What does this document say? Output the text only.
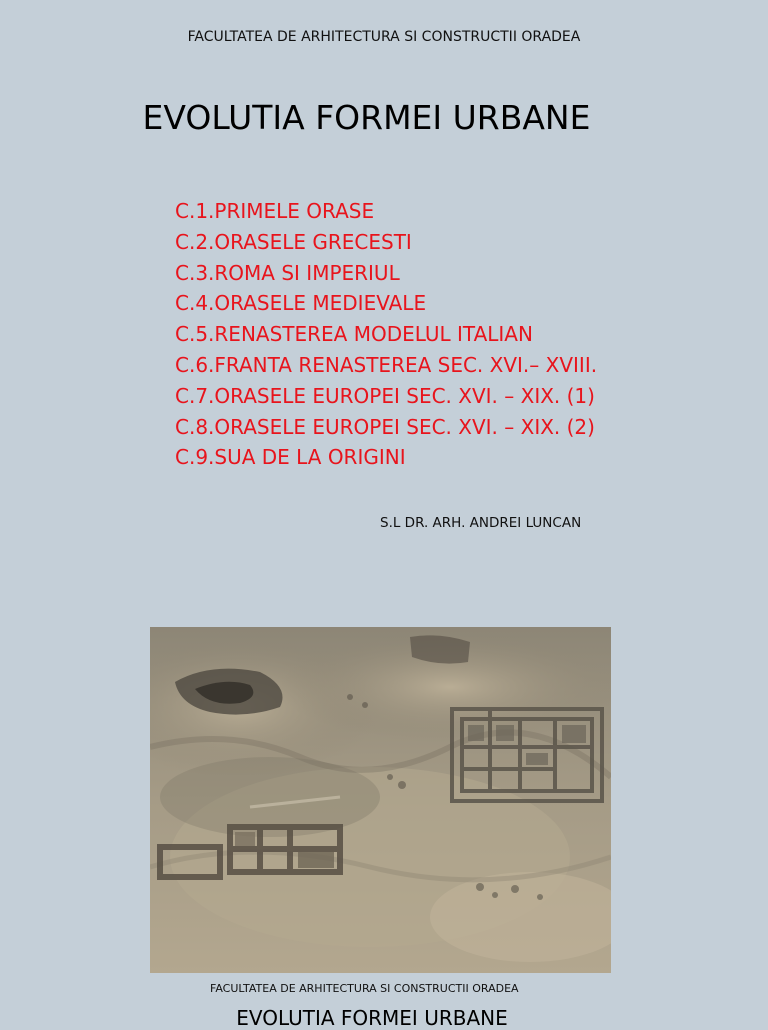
FACULTATEA DE ARHITECTURA SI CONSTRUCTII ORADEA
EVOLUTIA FORMEI URBANE
C.1.PRIMELE ORASE
C.2.ORASELE GRECESTI
C.3.ROMA SI IMPERIUL
C.4.ORASELE MEDIEVALE
C.5.RENASTEREA MODELUL ITALIAN
C.6.FRANTA RENASTEREA SEC. XVI.– XVIII.
C.7.ORASELE EUROPEI SEC. XVI. – XIX. (1)
C.8.ORASELE EUROPEI SEC. XVI. – XIX. (2)
C.9.SUA DE LA ORIGINI
S.L DR. ARH. ANDREI LUNCAN
FACULTATEA DE ARHITECTURA SI CONSTRUCTII ORADEA
EVOLUTIA FORMEI URBANE
